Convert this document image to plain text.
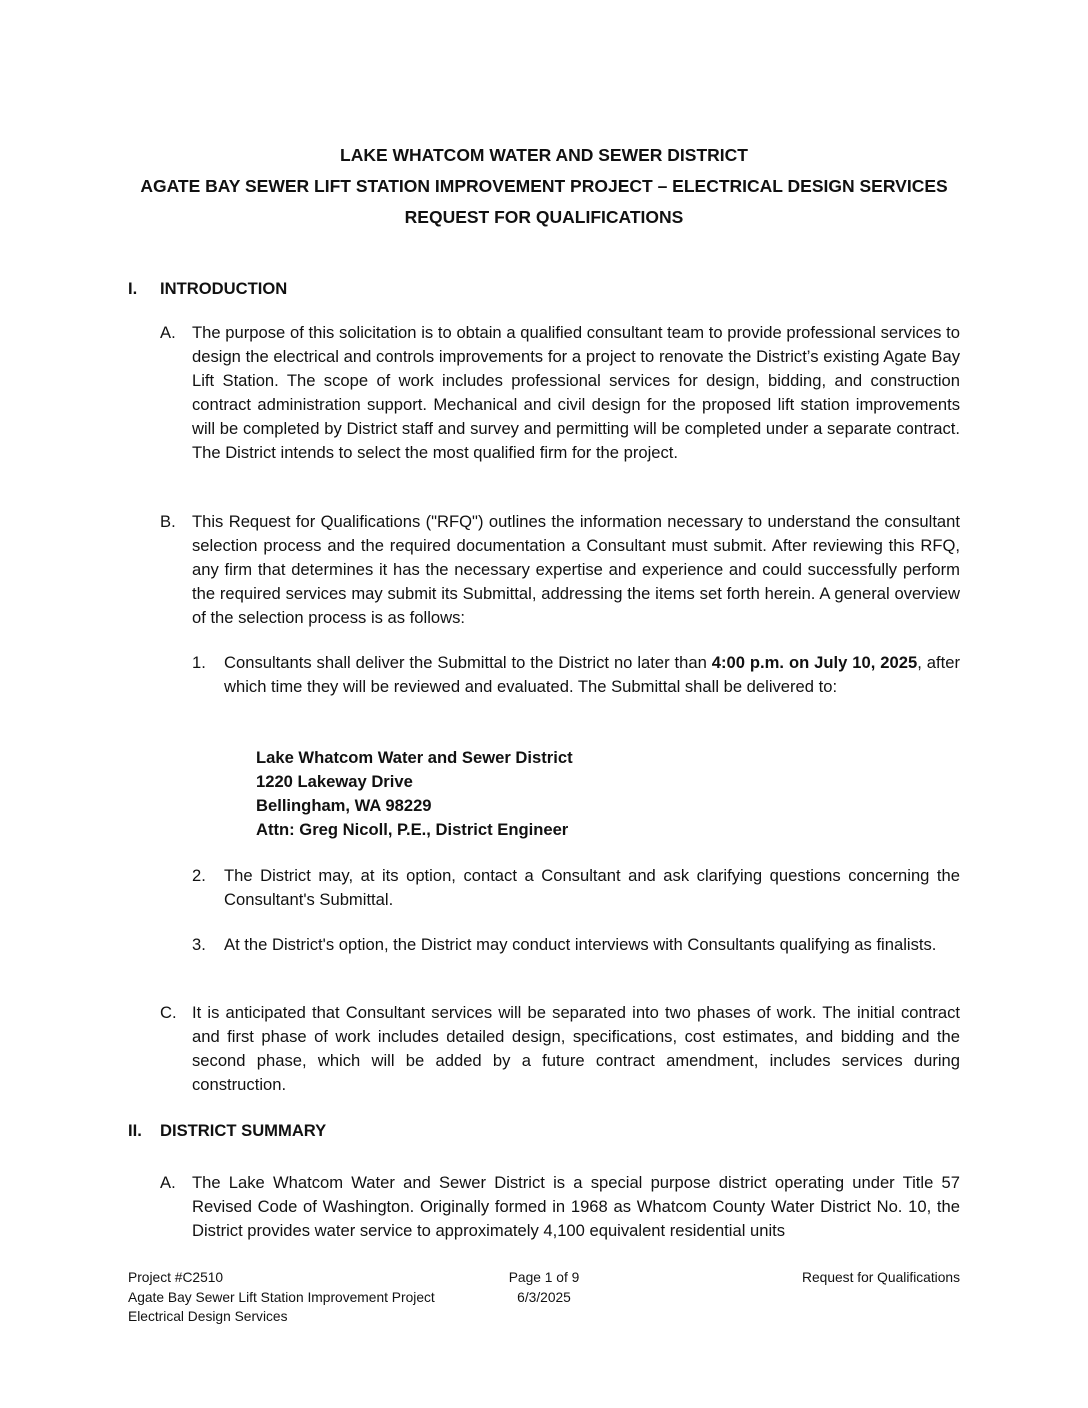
LAKE WHATCOM WATER AND SEWER DISTRICT

AGATE BAY SEWER LIFT STATION IMPROVEMENT PROJECT – ELECTRICAL DESIGN SERVICES

REQUEST FOR QUALIFICATIONS

I. INTRODUCTION
A. The purpose of this solicitation is to obtain a qualified consultant team to provide professional services to design the electrical and controls improvements for a project to renovate the District’s existing Agate Bay Lift Station. The scope of work includes professional services for design, bidding, and construction contract administration support. Mechanical and civil design for the proposed lift station improvements will be completed by District staff and survey and permitting will be completed under a separate contract. The District intends to select the most qualified firm for the project.
B. This Request for Qualifications ("RFQ") outlines the information necessary to understand the consultant selection process and the required documentation a Consultant must submit. After reviewing this RFQ, any firm that determines it has the necessary expertise and experience and could successfully perform the required services may submit its Submittal, addressing the items set forth herein. A general overview of the selection process is as follows:
1. Consultants shall deliver the Submittal to the District no later than 4:00 p.m. on July 10, 2025, after which time they will be reviewed and evaluated. The Submittal shall be delivered to:
Lake Whatcom Water and Sewer District
1220 Lakeway Drive
Bellingham, WA 98229
Attn: Greg Nicoll, P.E., District Engineer
2. The District may, at its option, contact a Consultant and ask clarifying questions concerning the Consultant's Submittal.
3. At the District's option, the District may conduct interviews with Consultants qualifying as finalists.
C. It is anticipated that Consultant services will be separated into two phases of work. The initial contract and first phase of work includes detailed design, specifications, cost estimates, and bidding and the second phase, which will be added by a future contract amendment, includes services during construction.
II. DISTRICT SUMMARY
A. The Lake Whatcom Water and Sewer District is a special purpose district operating under Title 57 Revised Code of Washington. Originally formed in 1968 as Whatcom County Water District No. 10, the District provides water service to approximately 4,100 equivalent residential units
Project #C2510
Agate Bay Sewer Lift Station Improvement Project
Electrical Design Services
Page 1 of 9
6/3/2025
Request for Qualifications
